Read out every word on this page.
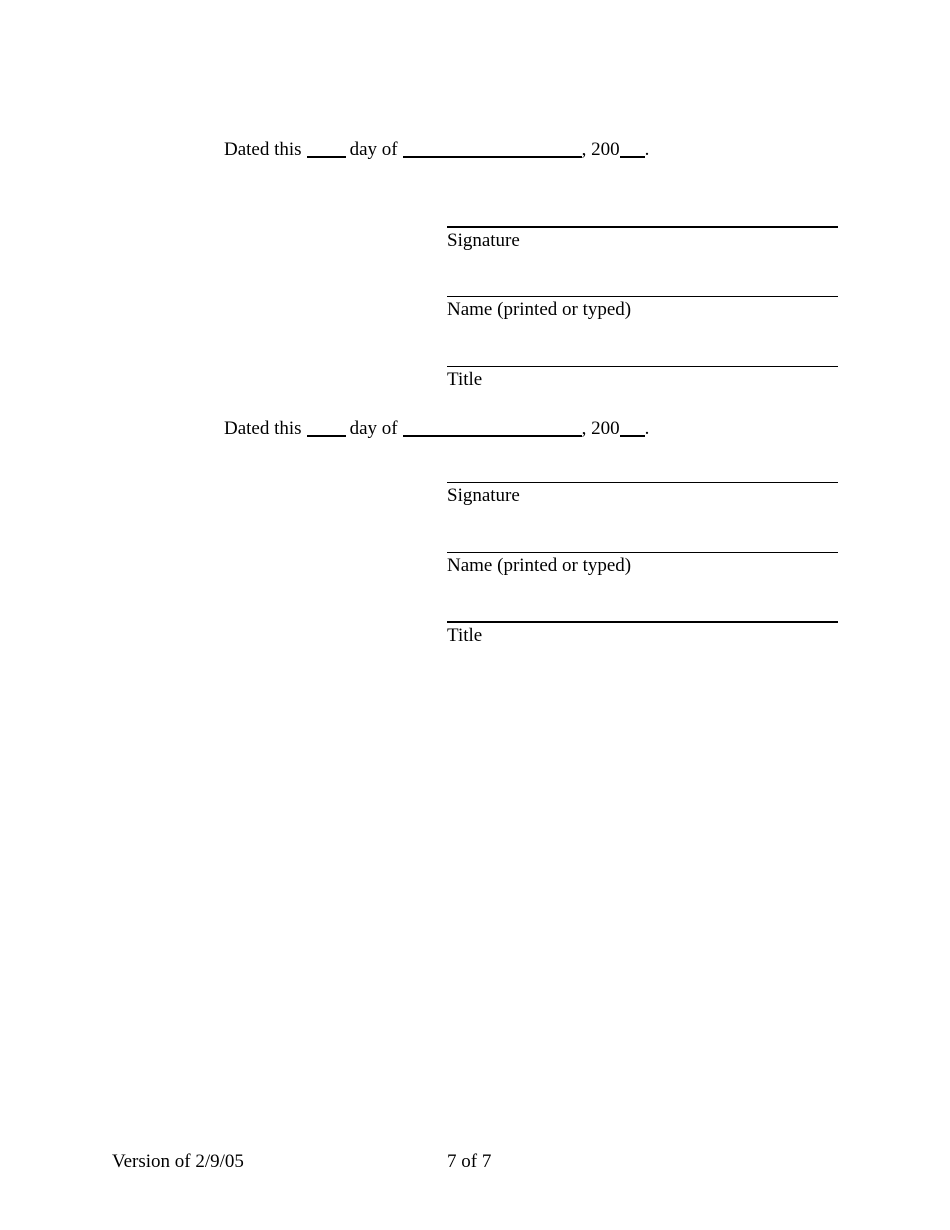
Dated this	day of	, 200 .
Signature
Name (printed or typed)
Title
Dated this	day of	, 200 .
Signature
Name (printed or typed)
Title
Version of 2/9/05	7 of 7
